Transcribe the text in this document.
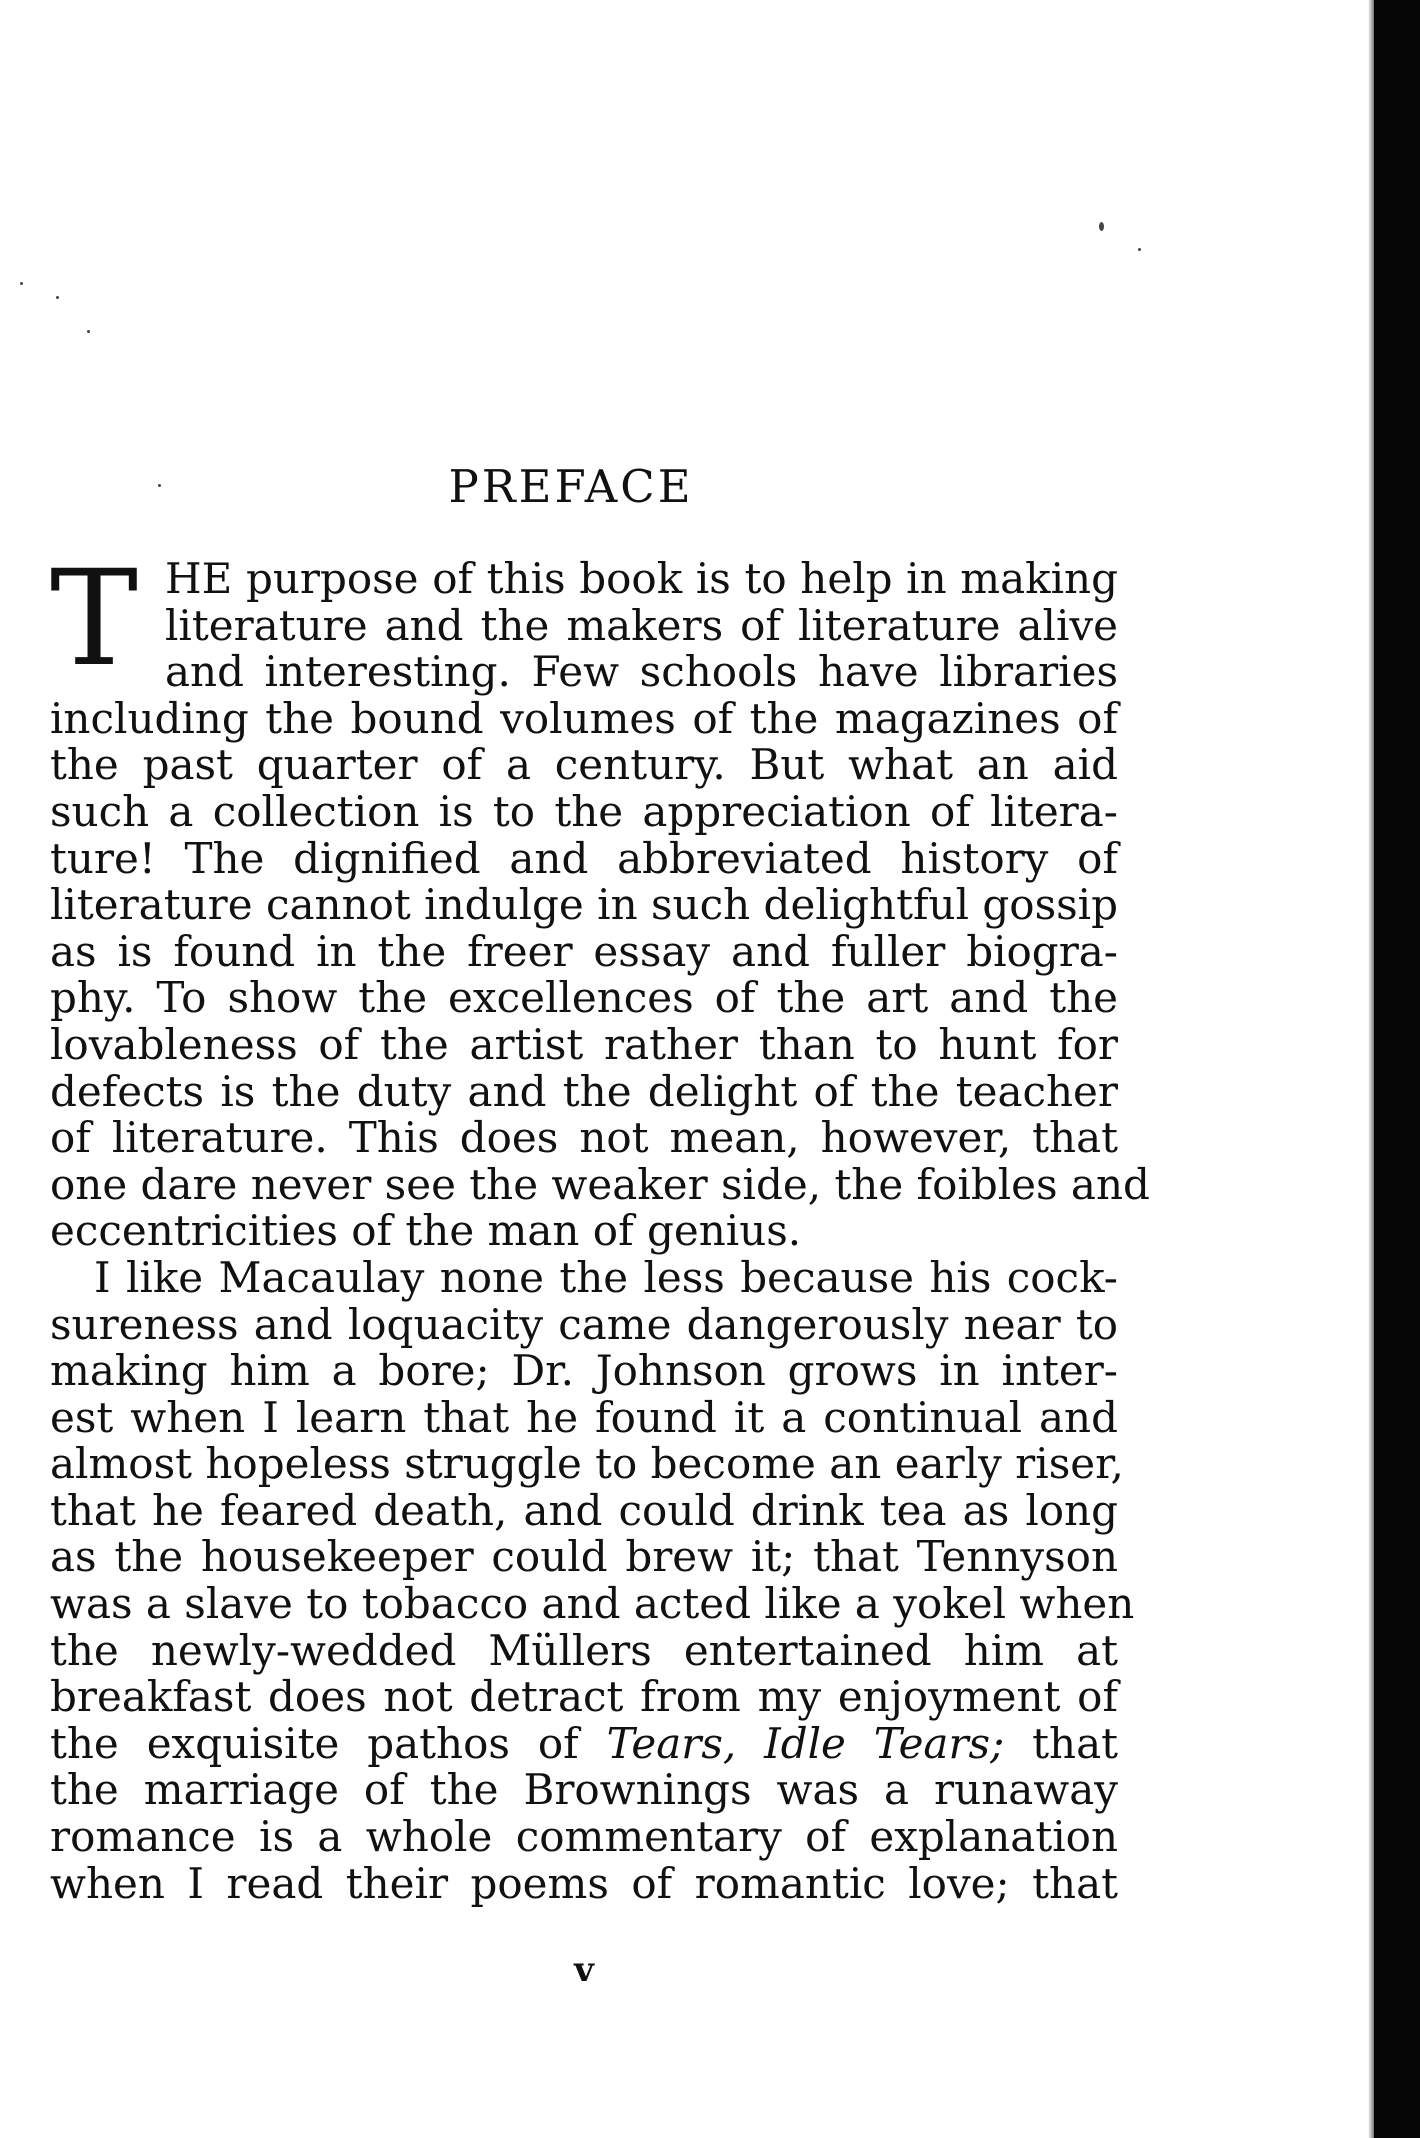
PREFACE
T HE purpose of this book is to help in making
literature and the makers of literature alive
and interesting. Few schools have libraries
including the bound volumes of the magazines of
the past quarter of a century. But what an aid
such a collection is to the appreciation of litera-
ture! The dignified and abbreviated history of
literature cannot indulge in such delightful gossip
as is found in the freer essay and fuller biogra-
phy. To show the excellences of the art and the
lovableness of the artist rather than to hunt for
defects is the duty and the delight of the teacher
of literature. This does not mean, however, that
one dare never see the weaker side, the foibles and
eccentricities of the man of genius.
I like Macaulay none the less because his cock-
sureness and loquacity came dangerously near to
making him a bore; Dr. Johnson grows in inter-
est when I learn that he found it a continual and
almost hopeless struggle to become an early riser,
that he feared death, and could drink tea as long
as the housekeeper could brew it; that Tennyson
was a slave to tobacco and acted like a yokel when
the newly-wedded Müllers entertained him at
breakfast does not detract from my enjoyment of
the exquisite pathos of Tears, Idle Tears; that
the marriage of the Brownings was a runaway
romance is a whole commentary of explanation
when I read their poems of romantic love; that
v
